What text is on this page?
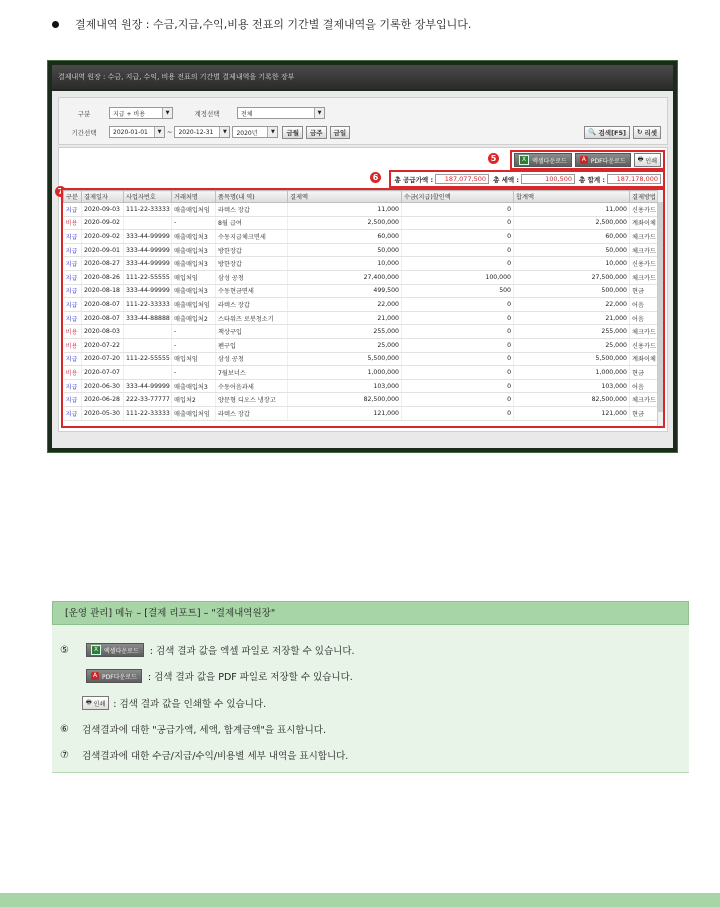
결제내역 원장 : 수금,지급,수익,비용 전표의 기간별 결제내역을 기록한 장부입니다.
결제내역 원장 : 수금, 지급, 수익, 비용 전표의 기간별 결제내역을 기록한 장부
구분	지급 + 비용	▼	계정선택	전체	▼
기간선택	2020-01-01	▼ ~ 2020-12-31	▼	2020년	▼	금월	금주	금일	🔍 검색[F5] ↻ 리셋
5	X 엑셀다운로드	A PDF다운로드 🖶 인쇄
6	총 공급가액 :	187,077,500	총 세액 :	100,500	총 합계 :	187,178,000
7
구분	결제일자	사업자번호	거래처명	품목명(내 역)	결제액	수금(지급)할인액	합계액	결제방법
지급	2020-09-03	111-22-33333	매출매입처임	라텍스 장갑	11,000	0	11,000	신용카드
비용	2020-09-02		-	8월 급여	2,500,000	0	2,500,000	계좌이체
지급	2020-09-02	333-44-99999	매출매입처3	수동지급체크면세	60,000	0	60,000	체크카드
지급	2020-09-01	333-44-99999	매출매입처3	방한장갑	50,000	0	50,000	체크카드
지급	2020-08-27	333-44-99999	매출매입처3	방한장갑	10,000	0	10,000	신용카드
지급	2020-08-26	111-22-55555	매입처임	삼성 공청	27,400,000	100,000	27,500,000	체크카드
지급	2020-08-18	333-44-99999	매출매입처3	수동현금면세	499,500	500	500,000	현금
지급	2020-08-07	111-22-33333	매출매입처임	라텍스 장갑	22,000	0	22,000	어음
지급	2020-08-07	333-44-88888	매출매입처2	스타워즈 로봇청소기	21,000	0	21,000	어음
비용	2020-08-03		-	책상구입	255,000	0	255,000	체크카드
비용	2020-07-22		-	펜구입	25,000	0	25,000	신용카드
지급	2020-07-20	111-22-55555	매입처임	삼성 공청	5,500,000	0	5,500,000	계좌이체
비용	2020-07-07		-	7월보너스	1,000,000	0	1,000,000	현금
지급	2020-06-30	333-44-99999	매출매입처3	수동어음과세	103,000	0	103,000	어음
지급	2020-06-28	222-33-77777	매입처2	양문형 디오스 냉장고	82,500,000	0	82,500,000	체크카드
지급	2020-05-30	111-22-33333	매출매입처임	라텍스 장갑	121,000	0	121,000	현금
[운영 관리] 메뉴 – [결제 리포트] – "결제내역원장"
⑤	X 엑셀다운로드 : 검색 결과 값을 엑셀 파일로 저장할 수 있습니다.
A PDF다운로드 : 검색 결과 값을 PDF 파일로 저장할 수 있습니다.
🖶 인쇄 : 검색 결과 값을 인쇄할 수 있습니다.
⑥	검색결과에 대한 "공급가액, 세액, 합계금액"을 표시합니다.
⑦	검색결과에 대한 수금/지급/수익/비용별 세부 내역을 표시합니다.
